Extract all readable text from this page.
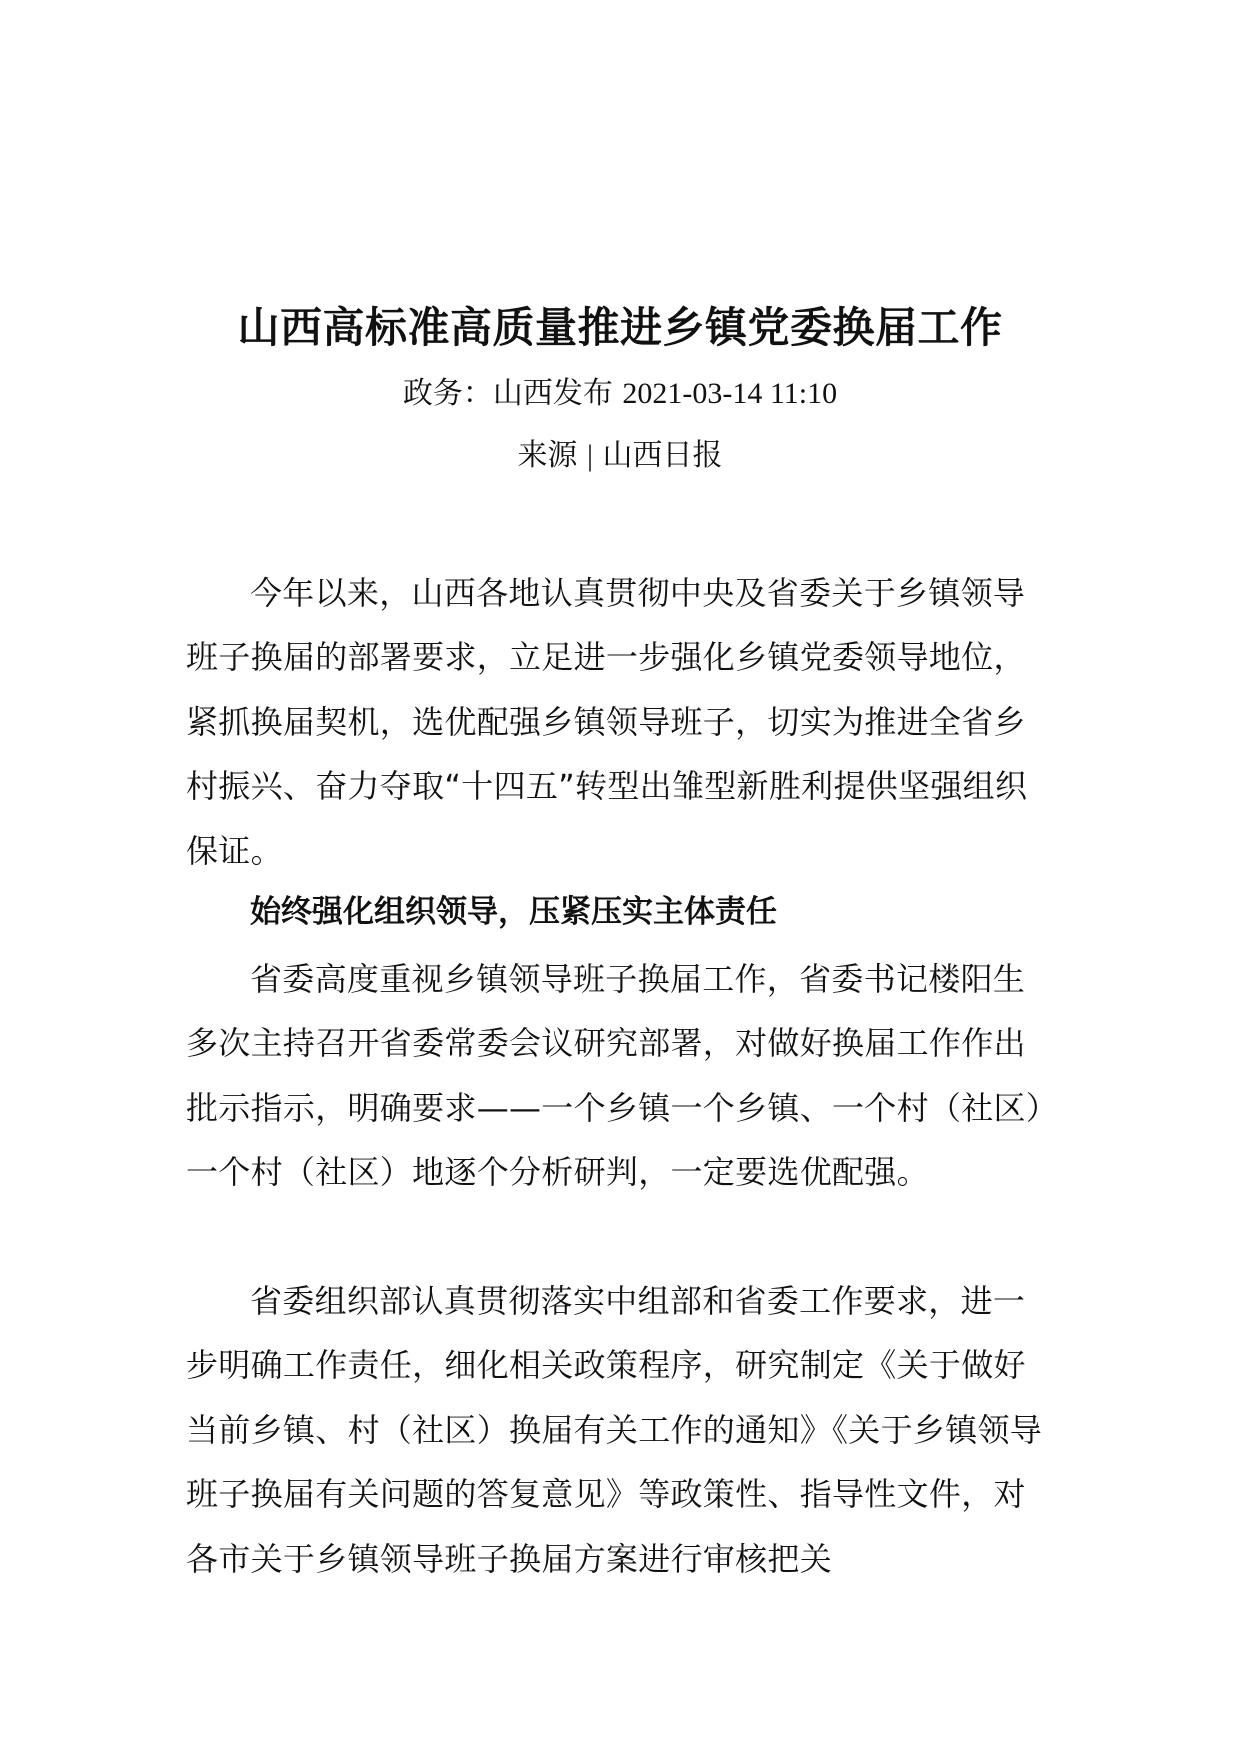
山西高标准高质量推进乡镇党委换届工作
政务：山西发布 2021-03-14 11:10
来源 | 山西日报

今年以来，山西各地认真贯彻中央及省委关于乡镇领导班子换届的部署要求，立足进一步强化乡镇党委领导地位，紧抓换届契机，选优配强乡镇领导班子，切实为推进全省乡村振兴、奋力夺取“十四五”转型出雏型新胜利提供坚强组织保证。

始终强化组织领导，压紧压实主体责任

省委高度重视乡镇领导班子换届工作，省委书记楼阳生多次主持召开省委常委会议研究部署，对做好换届工作作出批示指示，明确要求——一个乡镇一个乡镇、一个村（社区）一个村（社区）地逐个分析研判，一定要选优配强。

省委组织部认真贯彻落实中组部和省委工作要求，进一步明确工作责任，细化相关政策程序，研究制定《关于做好当前乡镇、村（社区）换届有关工作的通知》《关于乡镇领导班子换届有关问题的答复意见》等政策性、指导性文件，对各市关于乡镇领导班子换届方案进行审核把关
